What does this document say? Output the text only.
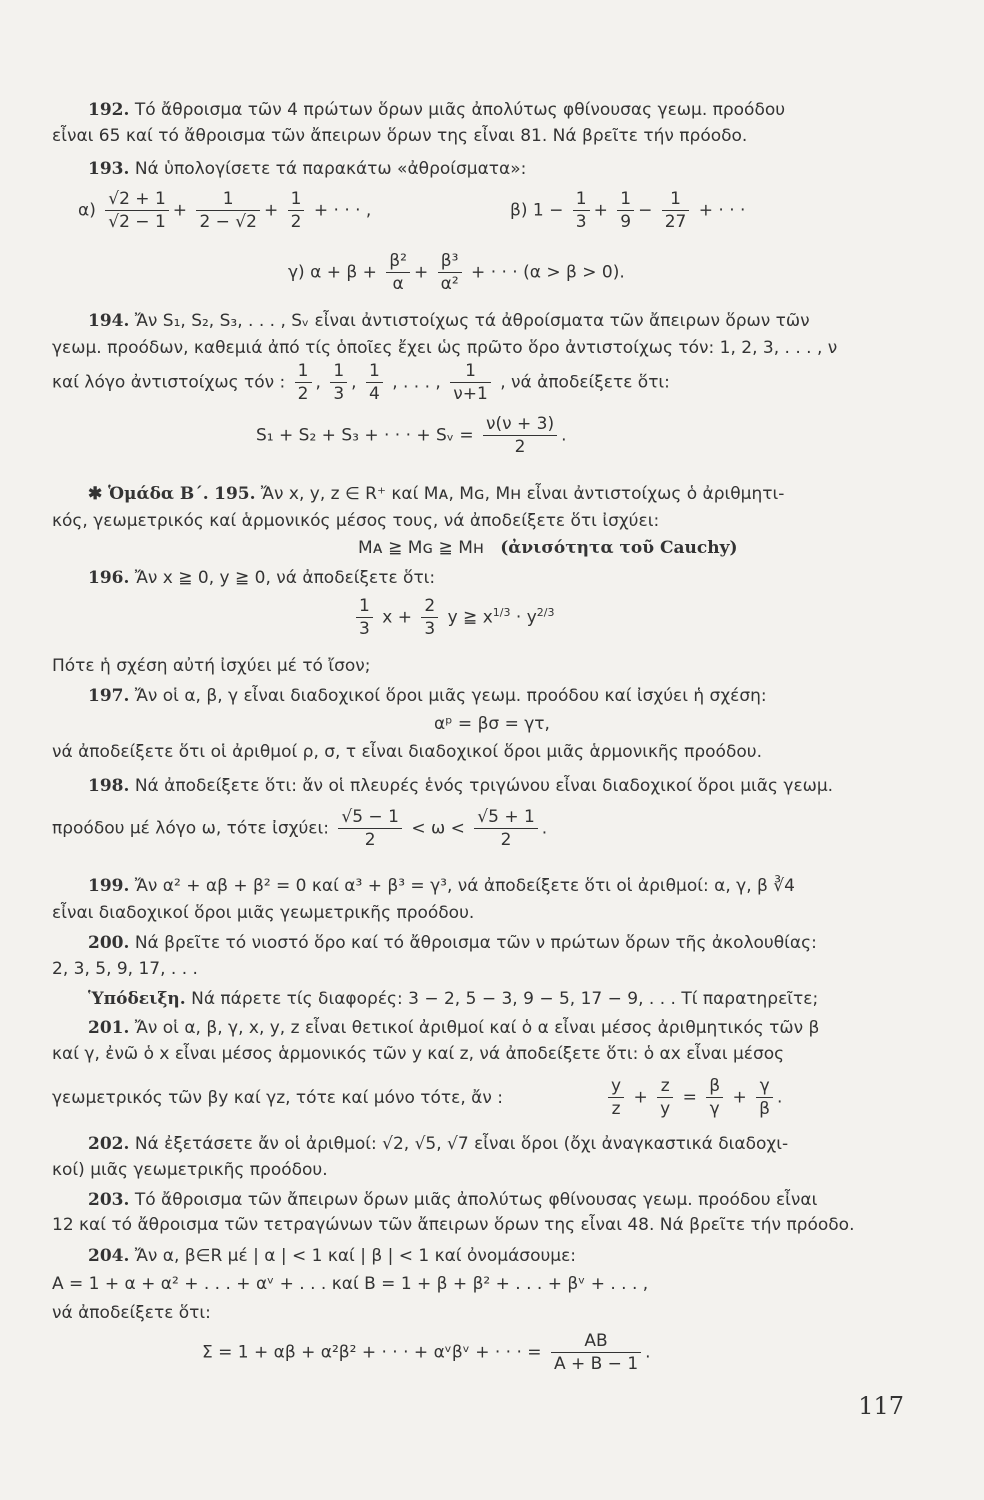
192. Τό ἄθροισμα τῶν 4 πρώτων ὅρων μιᾶς ἀπολύτως φθίνουσας γεωμ. προόδου
εἶναι 65 καί τό ἄθροισμα τῶν ἄπειρων ὅρων της εἶναι 81. Νά βρεῖτε τήν πρόοδο.
193. Νά ὑπολογίσετε τά παρακάτω «ἀθροίσματα»:
$\alpha) \frac{√2 + 1}{√2 - 1} + \frac{1}{2 - √2} + \frac{1}{2}$ + · · · ,	β) $1 - \frac{1}{3} + \frac{1}{9} - \frac{1}{27}$ + · · ·
γ) $\alpha + \beta + \frac{\text{β²}}{\alpha} + \frac{\text{β³}}{\text{α²}}$ + · · · (α > β > 0).
194. Ἄν S₁, S₂, S₃, . . . , Sᵥ εἶναι ἀντιστοίχως τά ἀθροίσματα τῶν ἄπειρων ὅρων τῶν
γεωμ. προόδων, καθεμιά ἀπό τίς ὁποῖες ἔχει ὡς πρῶτο ὅρο ἀντιστοίχως τόν: 1, 2, 3, . . . , ν
καί λόγο ἀντιστοίχως τόν : $\frac{1}{2}$ , $\frac{1}{3}$ , $\frac{1}{4}$ , . . . , $\frac{1}{\nu+1}$ , νά ἀποδείξετε ὅτι:
S₁ + S₂ + S₃ + · · · + Sᵥ = $\frac{\nu(\nu + 3)}{2}$ .
✱ Ὁμάδα Β΄. 195. Ἄν x, y, z ∈ R⁺ καί Mᴀ, Mɢ, Mʜ εἶναι ἀντιστοίχως ὁ ἀριθμητι-
κός, γεωμετρικός καί ἁρμονικός μέσος τους, νά ἀποδείξετε ὅτι ἰσχύει:
Mᴀ ≧ Mɢ ≧ Mʜ (ἀνισότητα τοῦ Cauchy)
196. Ἄν x ≧ 0, y ≧ 0, νά ἀποδείξετε ὅτι:
$\frac{1}{3}$ $x + \frac{2}{3}$ y ≧ $x^{1/3} \cdot y^{2/3}$
Πότε ἡ σχέση αὐτή ἰσχύει μέ τό ἴσον;
197. Ἄν οἱ α, β, γ εἶναι διαδοχικοί ὅροι μιᾶς γεωμ. προόδου καί ἰσχύει ἡ σχέση:
αᵖ = βσ = γτ,
νά ἀποδείξετε ὅτι οἱ ἀριθμοί ρ, σ, τ εἶναι διαδοχικοί ὅροι μιᾶς ἁρμονικῆς προόδου.
198. Νά ἀποδείξετε ὅτι: ἄν οἱ πλευρές ἑνός τριγώνου εἶναι διαδοχικοί ὅροι μιᾶς γεωμ.
προόδου μέ λόγο ω, τότε ἰσχύει: $\frac{√5 - 1}{2} < \omega < \frac{√5 + 1}{2}$ .
199. Ἄν α² + αβ + β² = 0 καί α³ + β³ = γ³, νά ἀποδείξετε ὅτι οἱ ἀριθμοί: α, γ, β ∛4
εἶναι διαδοχικοί ὅροι μιᾶς γεωμετρικῆς προόδου.
200. Νά βρεῖτε τό νιοστό ὅρο καί τό ἄθροισμα τῶν ν πρώτων ὅρων τῆς ἀκολουθίας:
2, 3, 5, 9, 17, . . .
Ὑπόδειξη. Νά πάρετε τίς διαφορές: 3 − 2, 5 − 3, 9 − 5, 17 − 9, . . . Τί παρατηρεῖτε;
201. Ἄν οἱ α, β, γ, x, y, z εἶναι θετικοί ἀριθμοί καί ὁ α εἶναι μέσος ἀριθμητικός τῶν β
καί γ, ἐνῶ ὁ x εἶναι μέσος ἁρμονικός τῶν y καί z, νά ἀποδείξετε ὅτι: ὁ αx εἶναι μέσος
γεωμετρικός τῶν βy καί γz, τότε καί μόνο τότε, ἄν :	$\frac{y}{z} + \frac{z}{y} = \frac{\beta}{\gamma} + \frac{\gamma}{\beta}$ .
202. Νά ἐξετάσετε ἄν οἱ ἀριθμοί: √2, √5, √7 εἶναι ὅροι (ὄχι ἀναγκαστικά διαδοχι-
κοί) μιᾶς γεωμετρικῆς προόδου.
203. Τό ἄθροισμα τῶν ἄπειρων ὅρων μιᾶς ἀπολύτως φθίνουσας γεωμ. προόδου εἶναι
12 καί τό ἄθροισμα τῶν τετραγώνων τῶν ἄπειρων ὅρων της εἶναι 48. Νά βρεῖτε τήν πρόοδο.
204. Ἄν α, β∈R μέ | α | < 1 καί | β | < 1 καί ὀνομάσουμε:
A = 1 + α + α² + . . . + αᵛ + . . . καί B = 1 + β + β² + . . . + βᵛ + . . . ,
νά ἀποδείξετε ὅτι:
Σ = 1 + αβ + α²β² + · · · + αᵛβᵛ + · · · = $\frac{AB}{A + B - 1}$ .
117
